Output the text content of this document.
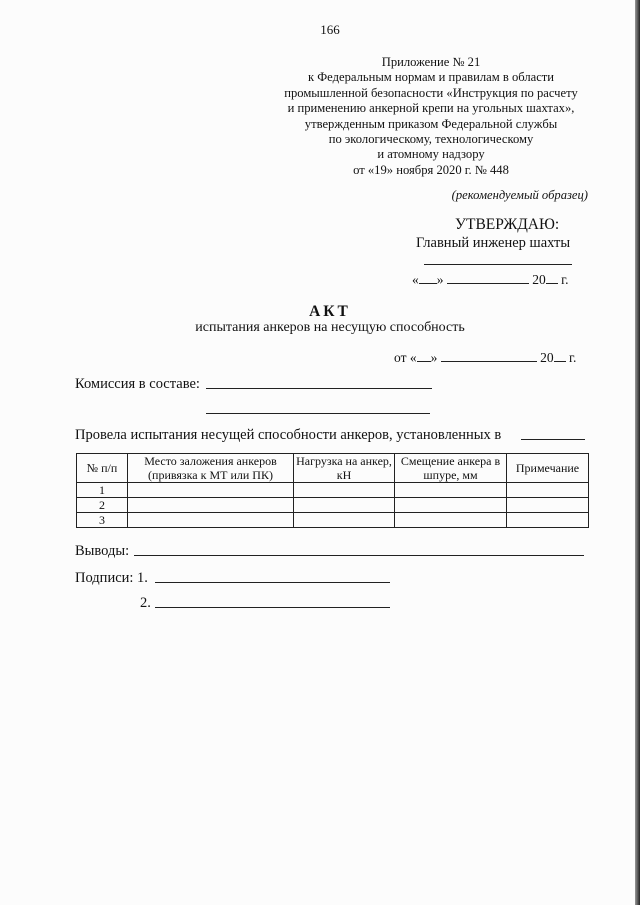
166
Приложение № 21
к Федеральным нормам и правилам в области
промышленной безопасности «Инструкция по расчету
и применению анкерной крепи на угольных шахтах»,
утвержденным приказом Федеральной службы
по экологическому, технологическому
и атомному надзору
от «19» ноября 2020 г. № 448
(рекомендуемый образец)
УТВЕРЖДАЮ:
Главный инженер шахты
« »	20 г.
АКТ
испытания анкеров на несущую способность
от « »	20 г.
Комиссия в составе:
Провела испытания несущей способности анкеров, установленных в
№ п/п	Место заложения анкеров (привязка к МТ или ПК)	Нагрузка на анкер, кН	Смещение анкера в шпуре, мм	Примечание
1				
2				
3				
Выводы:
Подписи: 1.
2.
